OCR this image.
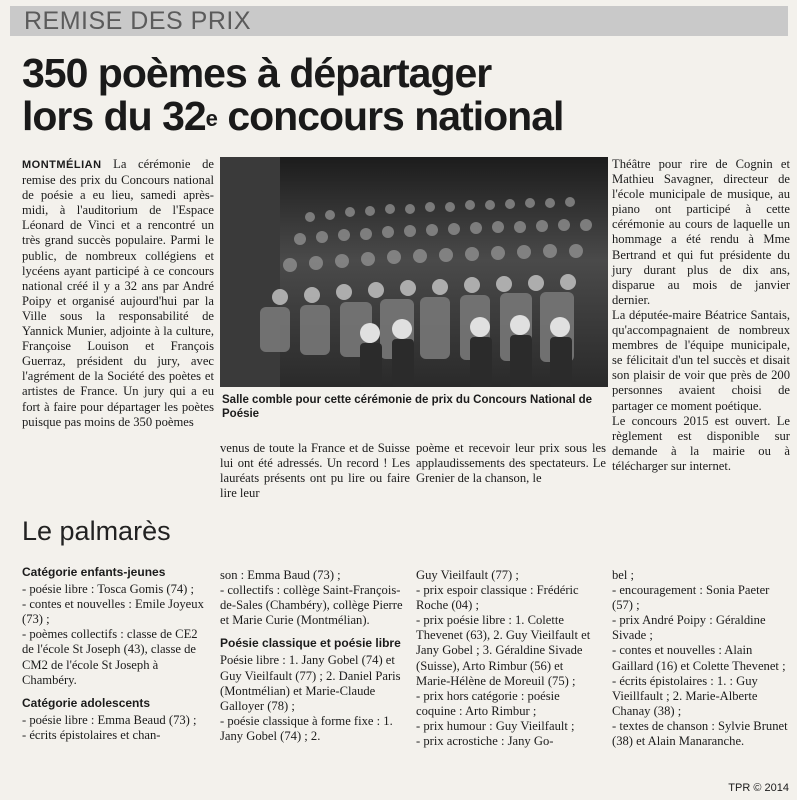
REMISE DES PRIX
350 poèmes à départager
lors du 32e concours national
MONTMÉLIAN La cérémonie de remise des prix du Concours national de poésie a eu lieu, samedi après-midi, à l'auditorium de l'Espace Léonard de Vinci et a rencontré un très grand succès populaire. Parmi le public, de nombreux collégiens et lycéens ayant participé à ce concours national créé il y a 32 ans par André Poipy et organisé aujourd'hui par la Ville sous la responsabilité de Yannick Munier, adjointe à la culture, Françoise Louison et François Guerraz, président du jury, avec l'agrément de la Société des poètes et artistes de France. Un jury qui a eu fort à faire pour départager les poètes puisque pas moins de 350 poèmes
Salle comble pour cette cérémonie de prix du Concours National de Poésie
venus de toute la France et de Suisse lui ont été adressés. Un record ! Les lauréats présents ont pu lire ou faire lire leur
poème et recevoir leur prix sous les applaudissements des spectateurs. Le Grenier de la chanson, le

Théâtre pour rire de Cognin et Mathieu Savagner, directeur de l'école municipale de musique, au piano ont participé à cette cérémonie au cours de laquelle un hommage a été rendu à Mme Bertrand et qui fut présidente du jury durant plus de dix ans, disparue au mois de janvier dernier.

La députée-maire Béatrice Santais, qu'accompagnaient de nombreux membres de l'équipe municipale, se félicitait d'un tel succès et disait son plaisir de voir que près de 200 personnes avaient choisi de partager ce moment poétique.

Le concours 2015 est ouvert. Le règlement est disponible sur demande à la mairie ou à télécharger sur internet.

Le palmarès
Catégorie enfants-jeunes

- poésie libre : Tosca Gomis (74) ;

- contes et nouvelles : Emile Joyeux (73) ;

- poèmes collectifs : classe de CE2 de l'école St Joseph (43), classe de CM2 de l'école St Joseph à Chambéry.

Catégorie adolescents

- poésie libre : Emma Beaud (73) ;

- écrits épistolaires et chan-

son : Emma Baud (73) ;

- collectifs : collège Saint-François-de-Sales (Chambéry), collège Pierre et Marie Curie (Montmélian).

Poésie classique et poésie libre

Poésie libre : 1. Jany Gobel (74) et Guy Vieilfault (77) ; 2. Daniel Paris (Montmélian) et Marie-Claude Galloyer (78) ;

- poésie classique à forme fixe : 1. Jany Gobel (74) ; 2.

Guy Vieilfault (77) ;

- prix espoir classique : Frédéric Roche (04) ;

- prix poésie libre : 1. Colette Thevenet (63), 2. Guy Vieilfault et Jany Gobel ; 3. Géraldine Sivade (Suisse), Arto Rimbur (56) et Marie-Hélène de Moreuil (75) ;

- prix hors catégorie : poésie coquine : Arto Rimbur ;

- prix humour : Guy Vieilfault ;

- prix acrostiche : Jany Go-

bel ;

- encouragement : Sonia Paeter (57) ;

- prix André Poipy : Géraldine Sivade ;

- contes et nouvelles : Alain Gaillard (16) et Colette Thevenet ;

- écrits épistolaires : 1. : Guy Vieillfault ; 2. Marie-Alberte Chanay (38) ;

- textes de chanson : Sylvie Brunet (38) et Alain Manaranche.

TPR © 2014
